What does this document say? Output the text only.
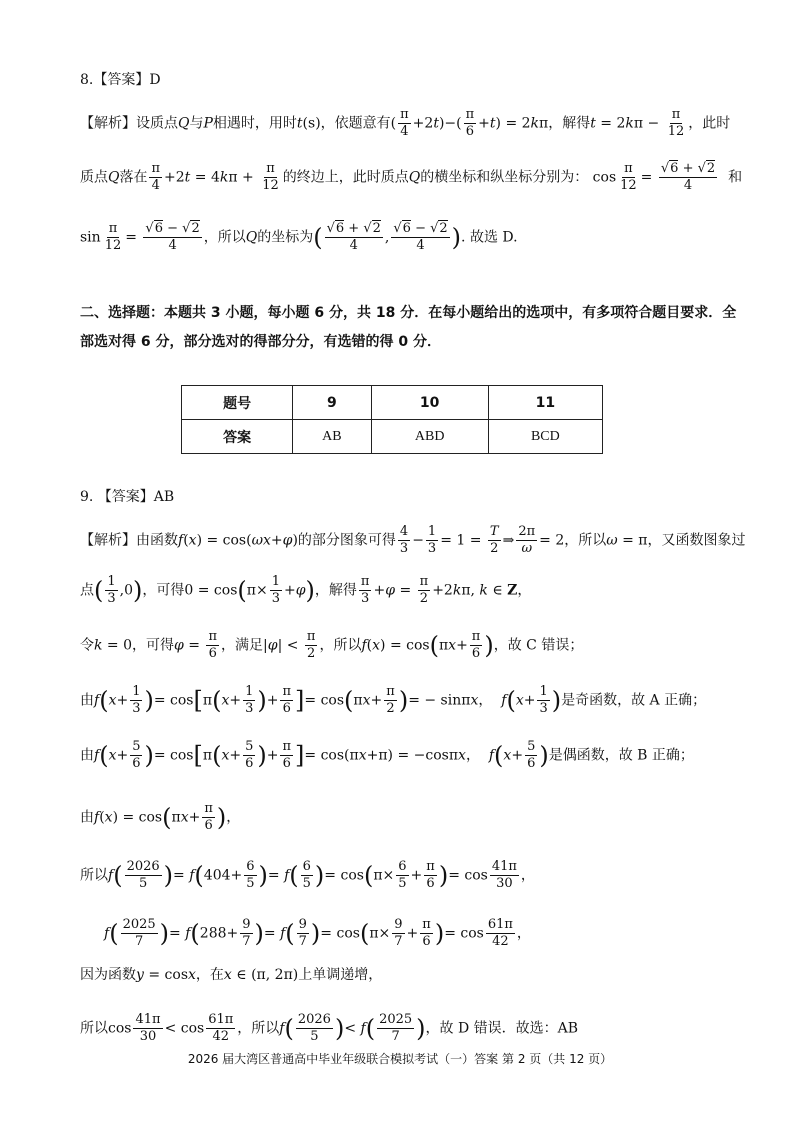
8.【答案】D
【解析】设质点Q与P相遇时，用时t(s)，依题意有( $\frac{\pi}{4} +2t)-( \frac{\pi}{6} +t) = 2k\pi$，解得$t = 2k\pi - \frac{\pi}{12}$ ，此时
质点Q落在 $\frac{\pi}{4} +2t = 4k\pi + \frac{\pi}{12}$ 的终边上，此时质点Q的横坐标和纵坐标分别为： $\cos \frac{\pi}{12} = \frac{√6 + √2}{4}$ 和
$\sin \frac{\pi}{12} = \frac{√6 - √2}{4}$ ，所以Q的坐标为( $\frac{√6 + √2}{4}$ , $\frac{√6 - √2}{4}$ ). 故选 D.
二、选择题：本题共 3 小题，每小题 6 分，共 18 分．在每小题给出的选项中，有多项符合题目要求．全
部选对得 6 分，部分选对的得部分分，有选错的得 0 分．
题号	9	10	11
答案	AB	ABD	BCD
9. 【答案】AB
【解析】由函数f(x) = cos(ωx+φ)的部分图象可得 $\frac{4}{3} - \frac{1}{3} = 1 = \frac{T}{2}$ ⇒ $\frac{2\pi}{\omega} = 2$，所以ω = π，又函数图象过
点( $\frac{1}{3} ,0$)，可得$0 = \cos(\pi\times \frac{1}{3} +\varphi)$，解得 $\frac{\pi}{3} +\varphi = \frac{\pi}{2} +2k\pi$, k ∈ Z，
令k = 0，可得$\varphi = \frac{\pi}{6}$ ，满足$|\varphi| < \frac{\pi}{2}$ ，所以$f(x) = \cos(\pi x+ \frac{\pi}{6}$ )，故 C 错误；
由$f(x+ \frac{1}{3}$ )= $\cos[\pi(x+ \frac{1}{3}$ )+ $\frac{\pi}{6}$ ]= $\cos(\pi x+ \frac{\pi}{2}$ )= − sinπx，  $f(x+ \frac{1}{3}$ )是奇函数，故 A 正确；
由$f(x+ \frac{5}{6}$ )= $\cos[\pi(x+ \frac{5}{6}$ )+ $\frac{\pi}{6}$ ]= cos(πx+π) = −cosπx，  $f(x+ \frac{5}{6}$ )是偶函数，故 B 正确；
由$f(x) = \cos(\pi x+ \frac{\pi}{6}$ )，
所以$f( \frac{2026}{5}$ )= $f(404+ \frac{6}{5}$ )= $f( \frac{6}{5}$ )= $\cos(\pi\times \frac{6}{5} + \frac{\pi}{6}$ )= $\cos \frac{41\pi}{30}$ ，
$f( \frac{2025}{7}$ )= $f(288+ \frac{9}{7}$ )= $f( \frac{9}{7}$ )= $\cos(\pi\times \frac{9}{7} + \frac{\pi}{6}$ )= $\cos \frac{61\pi}{42}$ ，
因为函数y = cosx，在x ∈ (π, 2π)上单调递增，
所以$\cos \frac{41\pi}{30} < \cos \frac{61\pi}{42}$ ，所以$f( \frac{2026}{5}$ )< $f( \frac{2025}{7}$ )，故 D 错误．故选：AB
2026 届大湾区普通高中毕业年级联合模拟考试（一）答案 第 2 页（共 12 页）
